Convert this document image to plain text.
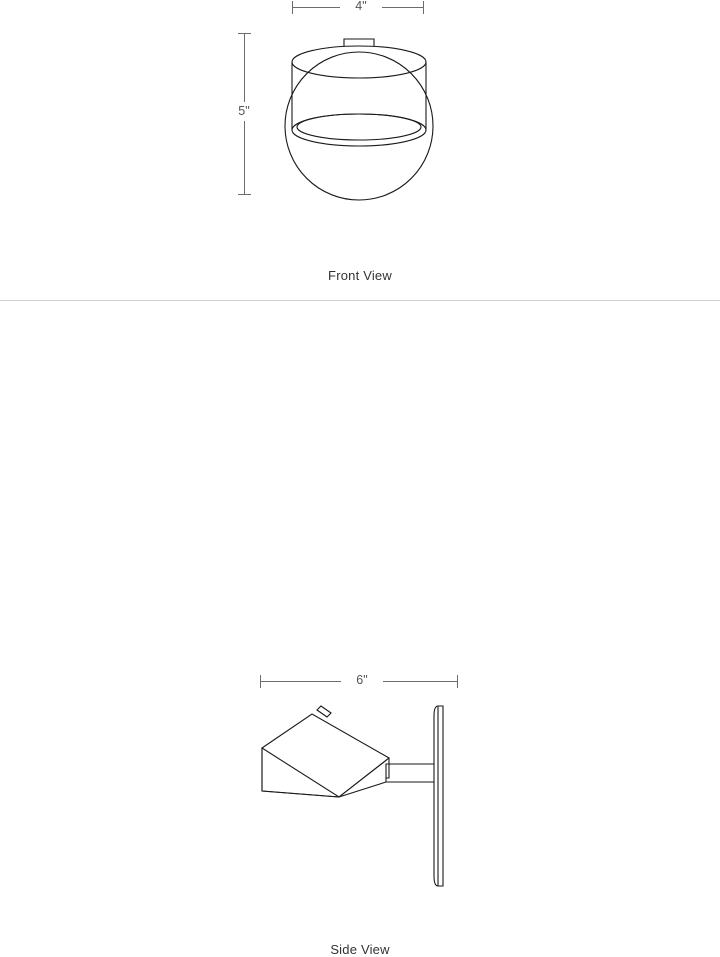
4"
5"
Front View
6"
Side View
